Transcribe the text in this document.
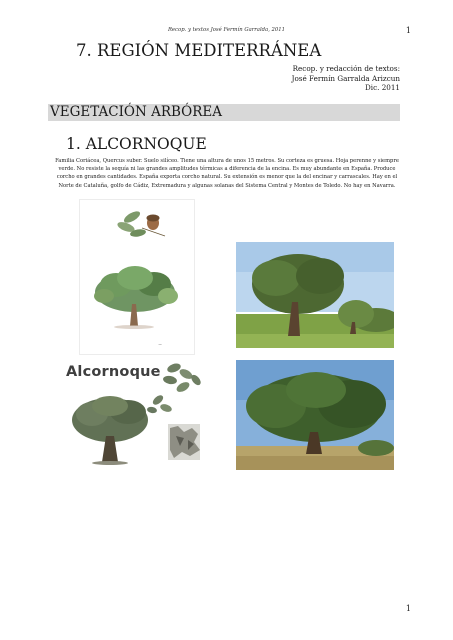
Recop. y textos José Fermín Garralda, 2011	1
7. REGIÓN MEDITERRÁNEA
Recop. y redacción de textos:
José Fermín Garralda Arizcun
Dic. 2011
VEGETACIÓN ARBÓREA
1. ALCORNOQUE
Familia Coriácea, Quercus suber. Suelo silíceo. Tiene una altura de unos 15 metros. Su corteza es gruesa. Hoja perenne y siempre verde. No resiste la sequía ni las grandes amplitudes térmicas a diferencia de la encina. Es muy abundante en España. Produce corcho en grandes cantidades. España exporta corcho natural. Su extensión es menor que la del encinar y carrascales. Hay en el Norte de Cataluña, golfo de Cádiz, Extremadura y algunas solanas del Sistema Central y Montes de Toledo. No hay en Navarra.
~
Alcornoque
1
